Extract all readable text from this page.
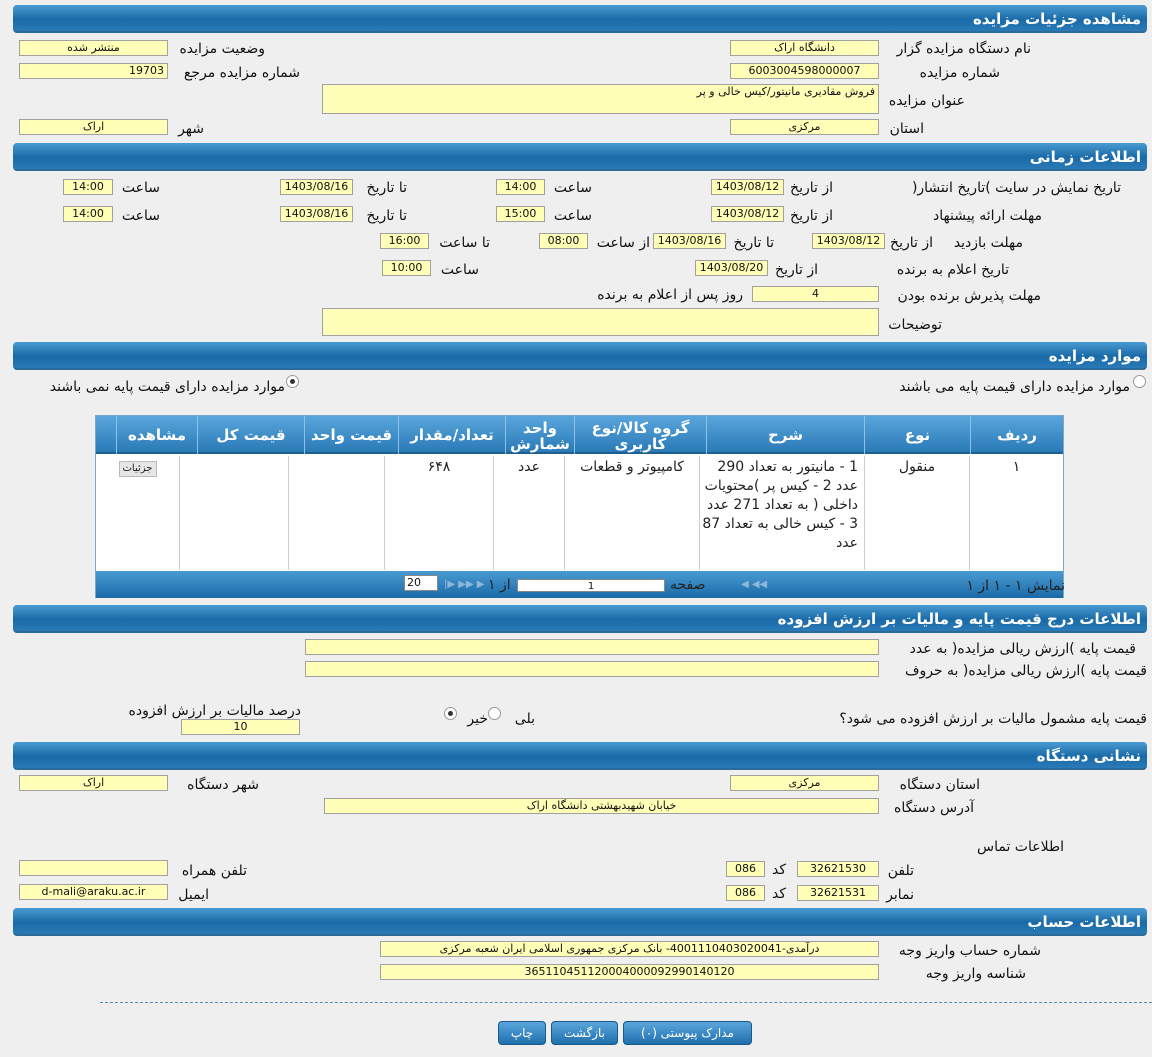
مشاهده جزئیات مزایده
نام دستگاه مزایده گزار
دانشگاه اراک
وضعیت مزایده
منتشر شده
شماره مزایده
6003004598000007
شماره مزایده مرجع
19703
عنوان مزایده
فروش مقادیری مانیتور/کیس خالی و پر
استان
مرکزی
شهر
اراک
اطلاعات زمانی
تاریخ نمایش در سایت )تاریخ انتشار(
از تاریخ
1403/08/12
ساعت
14:00
تا تاریخ
1403/08/16
ساعت
14:00
مهلت ارائه پیشنهاد
از تاریخ
1403/08/12
ساعت
15:00
تا تاریخ
1403/08/16
ساعت
14:00
مهلت بازدید
از تاریخ
1403/08/12
تا تاریخ
1403/08/16
از ساعت
08:00
تا ساعت
16:00
تاریخ اعلام به برنده
از تاریخ
1403/08/20
ساعت
10:00
مهلت پذیرش برنده بودن
4
روز پس از اعلام به برنده
توضیحات
موارد مزایده
موارد مزایده دارای قیمت پایه می باشند
موارد مزایده دارای قیمت پایه نمی باشند
ردیف
نوع
شرح
گروه کالا/نوع کاربری
واحد شمارش
تعداد/مقدار
قیمت واحد
قیمت کل
مشاهده
۱
منقول
1 - مانیتور به تعداد 290 عدد 2 - کیس پر )محتویات داخلی ( به تعداد 271 عدد 3 - کیس خالی به تعداد 87 عدد
کامپیوتر و قطعات
عدد
۶۴۸
جزئیات
نمایش ۱ - ۱ از ۱
◀◀ ◀
صفحه
1
از ۱
▶ ▶▶ ▶|
20
اطلاعات درج قیمت پایه و مالیات بر ارزش افزوده
قیمت پایه )ارزش ریالی مزایده( به عدد
قیمت پایه )ارزش ریالی مزایده( به حروف
قیمت پایه مشمول مالیات بر ارزش افزوده می شود؟
بلی
خیر
درصد مالیات بر ارزش افزوده
10
نشانی دستگاه
استان دستگاه
مرکزی
شهر دستگاه
اراک
آدرس دستگاه
خیابان شهیدبهشتی دانشگاه اراک
اطلاعات تماس
تلفن
32621530
کد
086
تلفن همراه
نمابر
32621531
کد
086
ایمیل
d-mali@araku.ac.ir
اطلاعات حساب
شماره حساب واریز وجه
درآمدی-4001110403020041- بانک مرکزی جمهوری اسلامی ایران شعبه مرکزی
شناسه واریز وجه
365110451120004000092990140120
مدارک پیوستی (۰)
بازگشت
چاپ
